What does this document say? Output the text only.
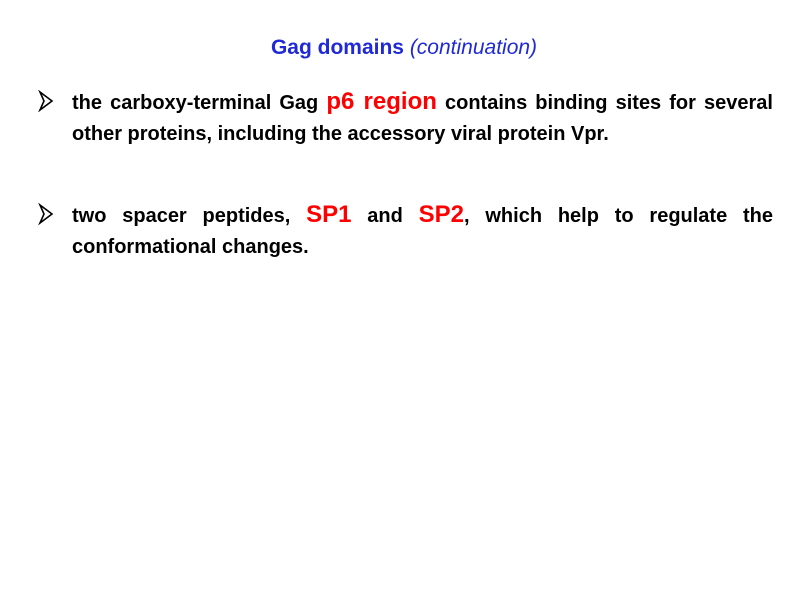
Gag domains (continuation)
the carboxy-terminal Gag p6 region contains binding sites for several other proteins, including the accessory viral protein Vpr.
two spacer peptides, SP1 and SP2, which help to regulate the conformational changes.
